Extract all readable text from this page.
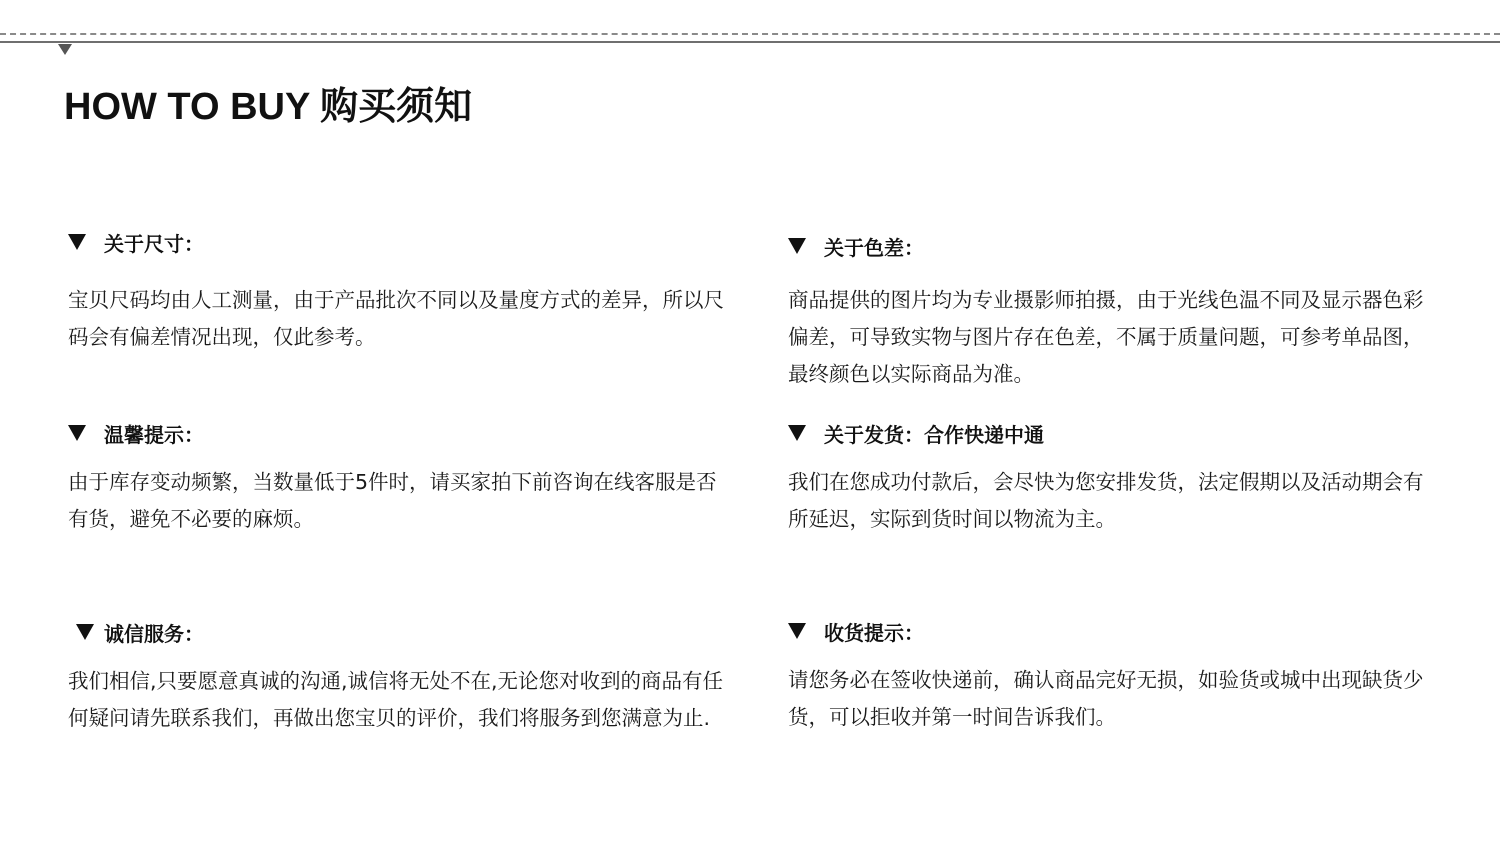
HOW TO BUY 购买须知
关于尺寸：

宝贝尺码均由人工测量，由于产品批次不同以及量度方式的差异，所以尺码会有偏差情况出现，仅此参考。

温馨提示：

由于库存变动频繁，当数量低于5件时，请买家拍下前咨询在线客服是否有货，避免不必要的麻烦。

诚信服务：

我们相信,只要愿意真诚的沟通,诚信将无处不在,无论您对收到的商品有任何疑问请先联系我们，再做出您宝贝的评价，我们将服务到您满意为止.

关于色差：

商品提供的图片均为专业摄影师拍摄，由于光线色温不同及显示器色彩偏差，可导致实物与图片存在色差，不属于质量问题，可参考单品图，最终颜色以实际商品为准。

关于发货：合作快递中通

我们在您成功付款后，会尽快为您安排发货，法定假期以及活动期会有所延迟，实际到货时间以物流为主。

收货提示：

请您务必在签收快递前，确认商品完好无损，如验货或城中出现缺货少货，可以拒收并第一时间告诉我们。
